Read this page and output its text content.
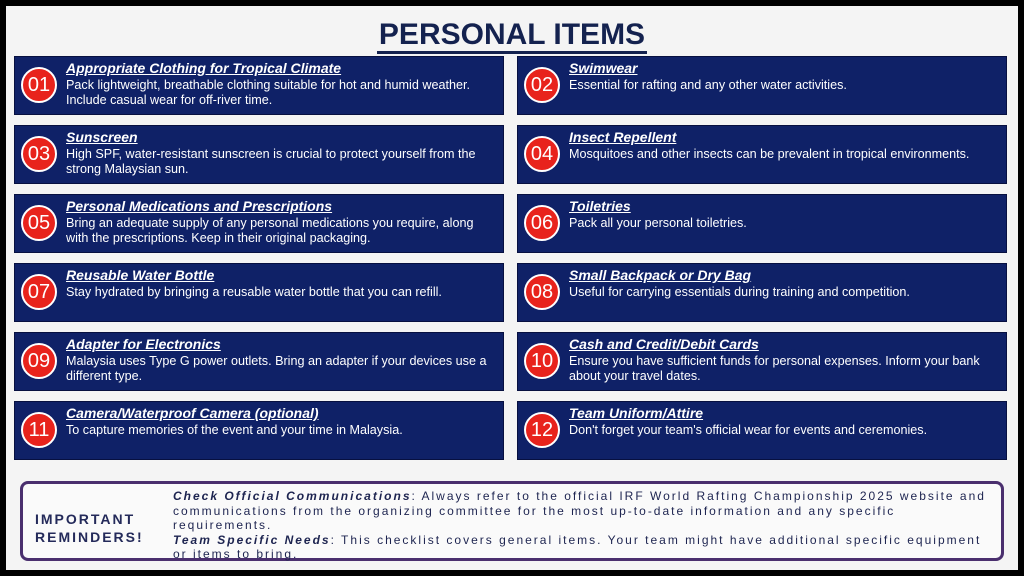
PERSONAL ITEMS
01
Appropriate Clothing for Tropical Climate
Pack lightweight, breathable clothing suitable for hot and humid weather. Include casual wear for off-river time.
02
Swimwear
Essential for rafting and any other water activities.
03
Sunscreen
High SPF, water-resistant sunscreen is crucial to protect yourself from the strong Malaysian sun.
04
Insect Repellent
Mosquitoes and other insects can be prevalent in tropical environments.
05
Personal Medications and Prescriptions
Bring an adequate supply of any personal medications you require, along with the prescriptions. Keep in their original packaging.
06
Toiletries
Pack all your personal toiletries.
07
Reusable Water Bottle
Stay hydrated by bringing a reusable water bottle that you can refill.	08
Small Backpack or Dry Bag
Useful for carrying essentials during training and competition.
09
Adapter for Electronics
Malaysia uses Type G power outlets. Bring an adapter if your devices use a different type.
10
Cash and Credit/Debit Cards
Ensure you have sufficient funds for personal expenses. Inform your bank about your travel dates.
11
Camera/Waterproof Camera (optional)
To capture memories of the event and your time in Malaysia.	12
Team Uniform/Attire
Don't forget your team's official wear for events and ceremonies.
IMPORTANT REMINDERS!
Check Official Communications: Always refer to the official IRF World Rafting Championship 2025 website and communications from the organizing committee for the most up-to-date information and any specific requirements.
Team Specific Needs: This checklist covers general items. Your team might have additional specific equipment or items to bring.
